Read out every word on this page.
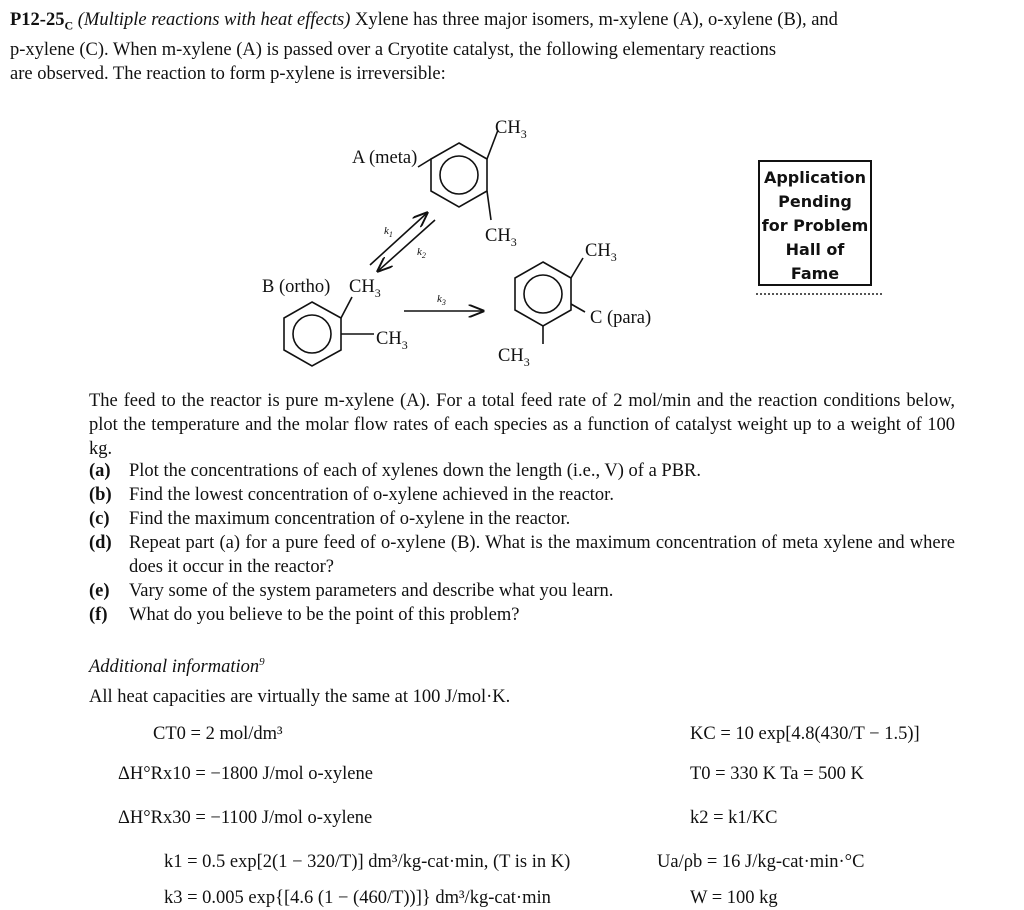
$P12-25_C$ (Multiple reactions with heat effects) Xylene has three major isomers, m-xylene (A), o-xylene (B), and
p-xylene (C). When m-xylene (A) is passed over a Cryotite catalyst, the following elementary reactions
are observed. The reaction to form p-xylene is irreversible:
A (meta)
B (ortho)
C (para)
$CH_3$
$CH_3$
$CH_3$
$CH_3$
$CH_3$
$CH_3$
$k_1$
$k_2$
$k_3$
Application
Pending
for Problem
Hall of
Fame
The feed to the reactor is pure m-xylene (A). For a total feed rate of 2 mol/min and the reaction conditions below, plot the temperature and the molar flow rates of each species as a function of catalyst weight up to a weight of 100 kg.
(a) Plot the concentrations of each of xylenes down the length (i.e., V) of a PBR.
(b) Find the lowest concentration of o-xylene achieved in the reactor.
(c)	Find the maximum concentration of o-xylene in the reactor.
(d) Repeat part (a) for a pure feed of o-xylene (B). What is the maximum concentration of meta xylene and where does it occur in the reactor?
(e)	Vary some of the system parameters and describe what you learn.
(f)	What do you believe to be the point of this problem?
Additional information$^9$
All heat capacities are virtually the same at 100 J/mol·K.
CT0 = 2 mol/dm³
ΔH°Rx10 = −1800 J/mol o-xylene
ΔH°Rx30 = −1100 J/mol o-xylene
k1 = 0.5 exp[2(1 − 320/T)] dm³/kg-cat·min, (T is in K)
k3 = 0.005 exp{[4.6 (1 − (460/T))]} dm³/kg-cat·min
KC = 10 exp[4.8(430/T − 1.5)]
T0 = 330 K Ta = 500 K
k2 = k1/KC
Ua/ρb = 16 J/kg-cat·min·°C
W = 100 kg
